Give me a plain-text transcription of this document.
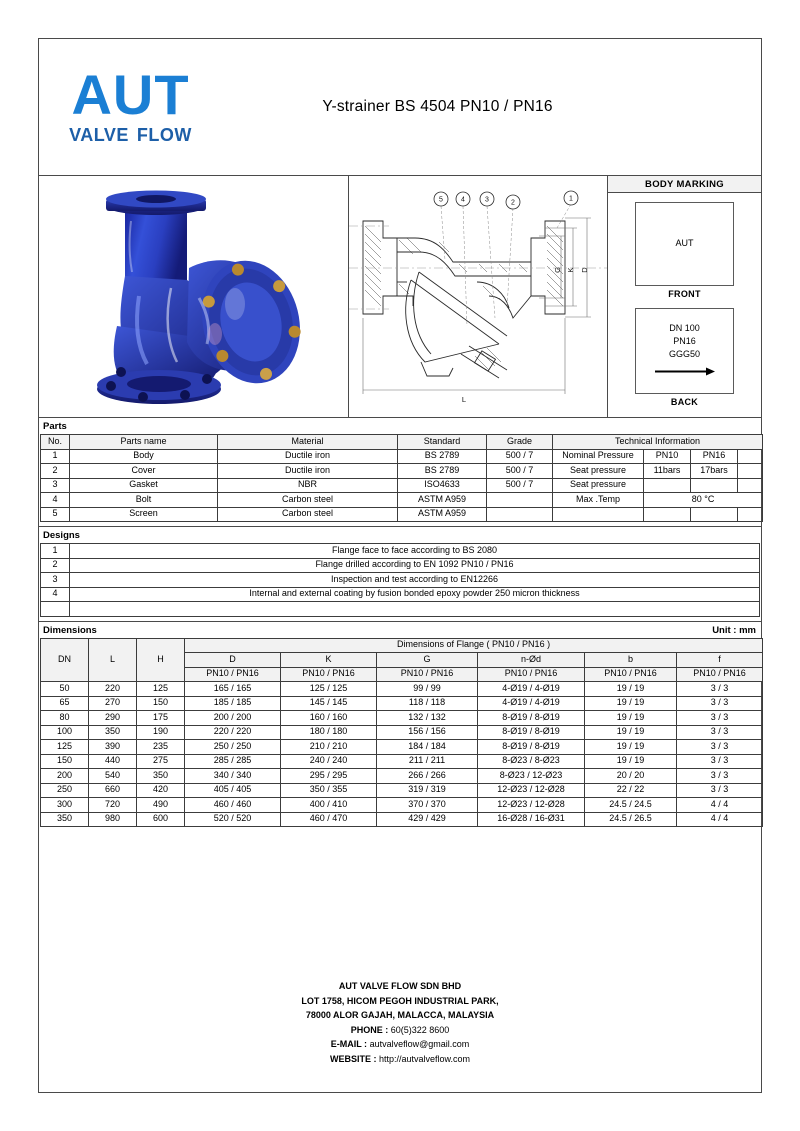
AUT
VALVE FLOW
Y-strainer BS 4504 PN10 / PN16
5	4	3	2
1
L
D
K
G
BODY MARKING
AUT
FRONT
DN 100
PN16
GGG50
BACK
Parts
No.	Parts name	Material	Standard	Grade	Technical Information			
1	Body	Ductile iron	BS 2789	500 / 7	Nominal Pressure	PN10	PN16	
2	Cover	Ductile iron	BS 2789	500 / 7	Seat pressure	11bars	17bars	
3	Gasket	NBR	ISO4633	500 / 7	Seat pressure			
4	Bolt	Carbon steel	ASTM A959		Max .Temp	80 °C		
5	Screen	Carbon steel	ASTM A959					
Designs
1	Flange face to face according to BS 2080
2	Flange drilled according to EN 1092 PN10 / PN16
3	Inspection and test according to EN12266
4	Internal and external coating by fusion bonded epoxy powder 250 micron thickness

Dimensions	Unit : mm
DN	L	H	Dimensions of Flange ( PN10 / PN16 )					
			D	K	G	n-Ød	b	f
			PN10 / PN16	PN10 / PN16	PN10 / PN16	PN10 / PN16	PN10 / PN16	PN10 / PN16
50	220	125	165 / 165	125 / 125	99 / 99	4-Ø19 / 4-Ø19	19 / 19	3 / 3
65	270	150	185 / 185	145 / 145	118 / 118	4-Ø19 / 4-Ø19	19 / 19	3 / 3
80	290	175	200 / 200	160 / 160	132 / 132	8-Ø19 / 8-Ø19	19 / 19	3 / 3
100	350	190	220 / 220	180 / 180	156 / 156	8-Ø19 / 8-Ø19	19 / 19	3 / 3
125	390	235	250 / 250	210 / 210	184 / 184	8-Ø19 / 8-Ø19	19 / 19	3 / 3
150	440	275	285 / 285	240 / 240	211 / 211	8-Ø23 / 8-Ø23	19 / 19	3 / 3
200	540	350	340 / 340	295 / 295	266 / 266	8-Ø23 / 12-Ø23	20 / 20	3 / 3
250	660	420	405 / 405	350 / 355	319 / 319	12-Ø23 / 12-Ø28	22 / 22	3 / 3
300	720	490	460 / 460	400 / 410	370 / 370	12-Ø23 / 12-Ø28	24.5 / 24.5	4 / 4
350	980	600	520 / 520	460 / 470	429 / 429	16-Ø28 / 16-Ø31	24.5 / 26.5	4 / 4
AUT VALVE FLOW SDN BHD
LOT 1758, HICOM PEGOH INDUSTRIAL PARK,
78000 ALOR GAJAH, MALACCA, MALAYSIA
PHONE : 60(5)322 8600
E-MAIL : autvalveflow@gmail.com
WEBSITE : http://autvalveflow.com
